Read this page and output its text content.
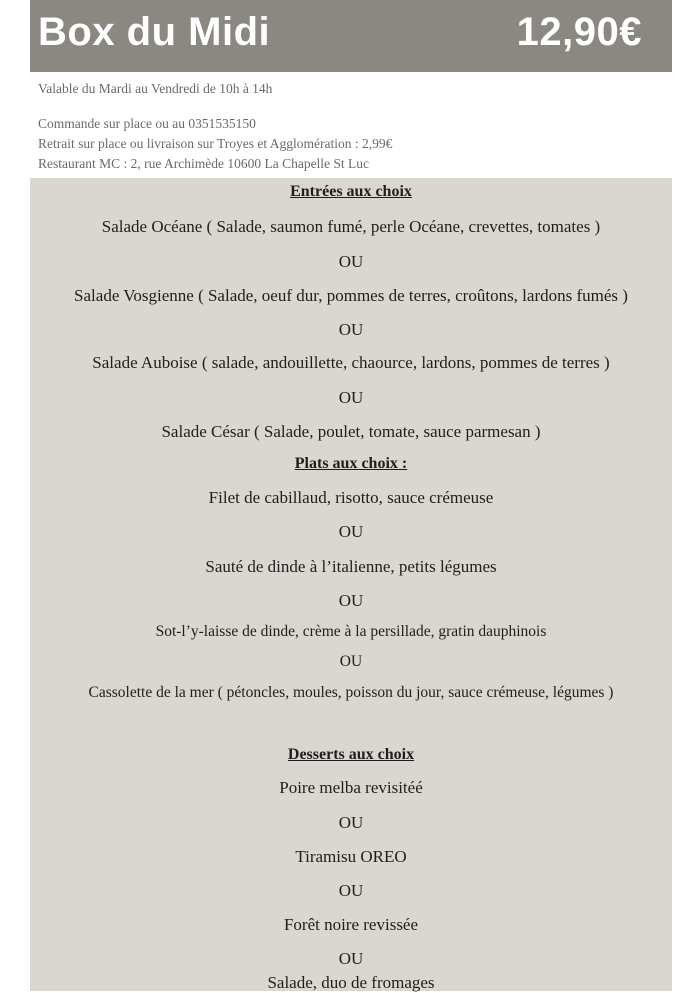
Box du Midi	12,90€
Valable du Mardi au Vendredi de 10h à 14h
Commande sur place ou au 0351535150
Retrait sur place ou livraison sur Troyes et Agglomération : 2,99€
Restaurant MC : 2, rue Archimède 10600 La Chapelle St Luc
Entrées aux choix
Salade Océane ( Salade, saumon fumé, perle Océane, crevettes, tomates )
OU
Salade Vosgienne ( Salade, oeuf dur, pommes de terres, croûtons, lardons fumés )
OU
Salade Auboise ( salade, andouillette, chaource, lardons, pommes de terres )
OU
Salade César ( Salade, poulet, tomate, sauce parmesan )
Plats aux choix :
Filet de cabillaud, risotto, sauce crémeuse
OU
Sauté de dinde à l’italienne, petits légumes
OU
Sot-l’y-laisse de dinde, crème à la persillade, gratin dauphinois
OU
Cassolette de la mer ( pétoncles, moules, poisson du jour, sauce crémeuse, légumes )
Desserts aux choix
Poire melba revisitéé
OU
Tiramisu OREO
OU
Forêt noire revissée
OU
Salade, duo de fromages
